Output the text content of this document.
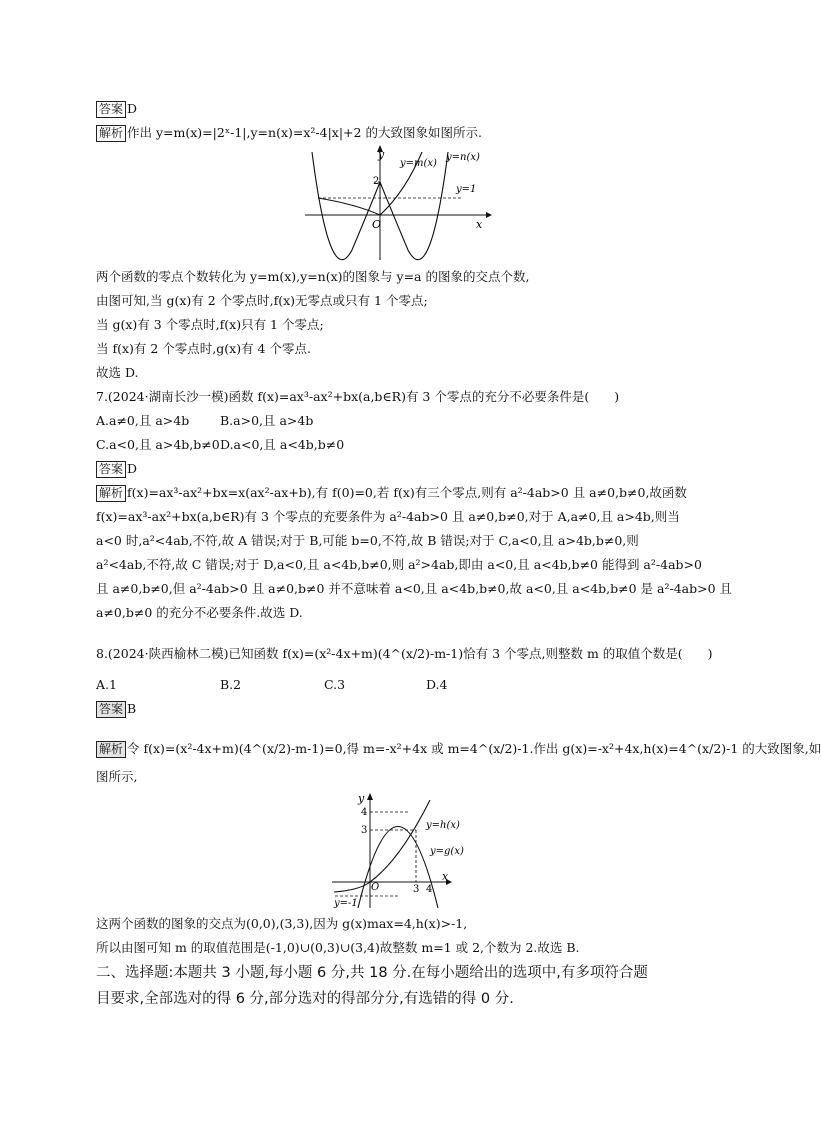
答案 D
解析 作出 y=m(x)=|2ˣ-1|,y=n(x)=x²-4|x|+2 的大致图象如图所示.
y
x
O
2
y=m(x)
y=n(x)
y=1
两个函数的零点个数转化为 y=m(x),y=n(x)的图象与 y=a 的图象的交点个数,
由图可知,当 g(x)有 2 个零点时,f(x)无零点或只有 1 个零点;
当 g(x)有 3 个零点时,f(x)只有 1 个零点;
当 f(x)有 2 个零点时,g(x)有 4 个零点.
故选 D.
7.(2024·湖南长沙一模)函数 f(x)=ax³-ax²+bx(a,b∈R)有 3 个零点的充分不必要条件是(　　)
A.a≠0,且 a>4b B.a>0,且 a>4b
C.a<0,且 a>4b,b≠0 D.a<0,且 a<4b,b≠0
答案 D
解析 f(x)=ax³-ax²+bx=x(ax²-ax+b),有 f(0)=0,若 f(x)有三个零点,则有 a²-4ab>0 且 a≠0,b≠0,故函数
f(x)=ax³-ax²+bx(a,b∈R)有 3 个零点的充要条件为 a²-4ab>0 且 a≠0,b≠0,对于 A,a≠0,且 a>4b,则当
a<0 时,a²<4ab,不符,故 A 错误;对于 B,可能 b=0,不符,故 B 错误;对于 C,a<0,且 a>4b,b≠0,则
a²<4ab,不符,故 C 错误;对于 D,a<0,且 a<4b,b≠0,则 a²>4ab,即由 a<0,且 a<4b,b≠0 能得到 a²-4ab>0
且 a≠0,b≠0,但 a²-4ab>0 且 a≠0,b≠0 并不意味着 a<0,且 a<4b,b≠0,故 a<0,且 a<4b,b≠0 是 a²-4ab>0 且
a≠0,b≠0 的充分不必要条件.故选 D.
8.(2024·陕西榆林二模)已知函数 f(x)=(x²-4x+m)(4^(x/2)-m-1)恰有 3 个零点,则整数 m 的取值个数是(　　)
A.1	B.2	C.3	D.4
答案 B
解析 令 f(x)=(x²-4x+m)(4^(x/2)-m-1)=0,得 m=-x²+4x 或 m=4^(x/2)-1.作出 g(x)=-x²+4x,h(x)=4^(x/2)-1 的大致图象,如
图所示,
y
x
O
4
3
3 4
y=h(x)
y=g(x)
y=-1
这两个函数的图象的交点为(0,0),(3,3),因为 g(x)max=4,h(x)>-1,
所以由图可知 m 的取值范围是(-1,0)∪(0,3)∪(3,4)故整数 m=1 或 2,个数为 2.故选 B.
二、选择题:本题共 3 小题,每小题 6 分,共 18 分.在每小题给出的选项中,有多项符合题
目要求,全部选对的得 6 分,部分选对的得部分分,有选错的得 0 分.
